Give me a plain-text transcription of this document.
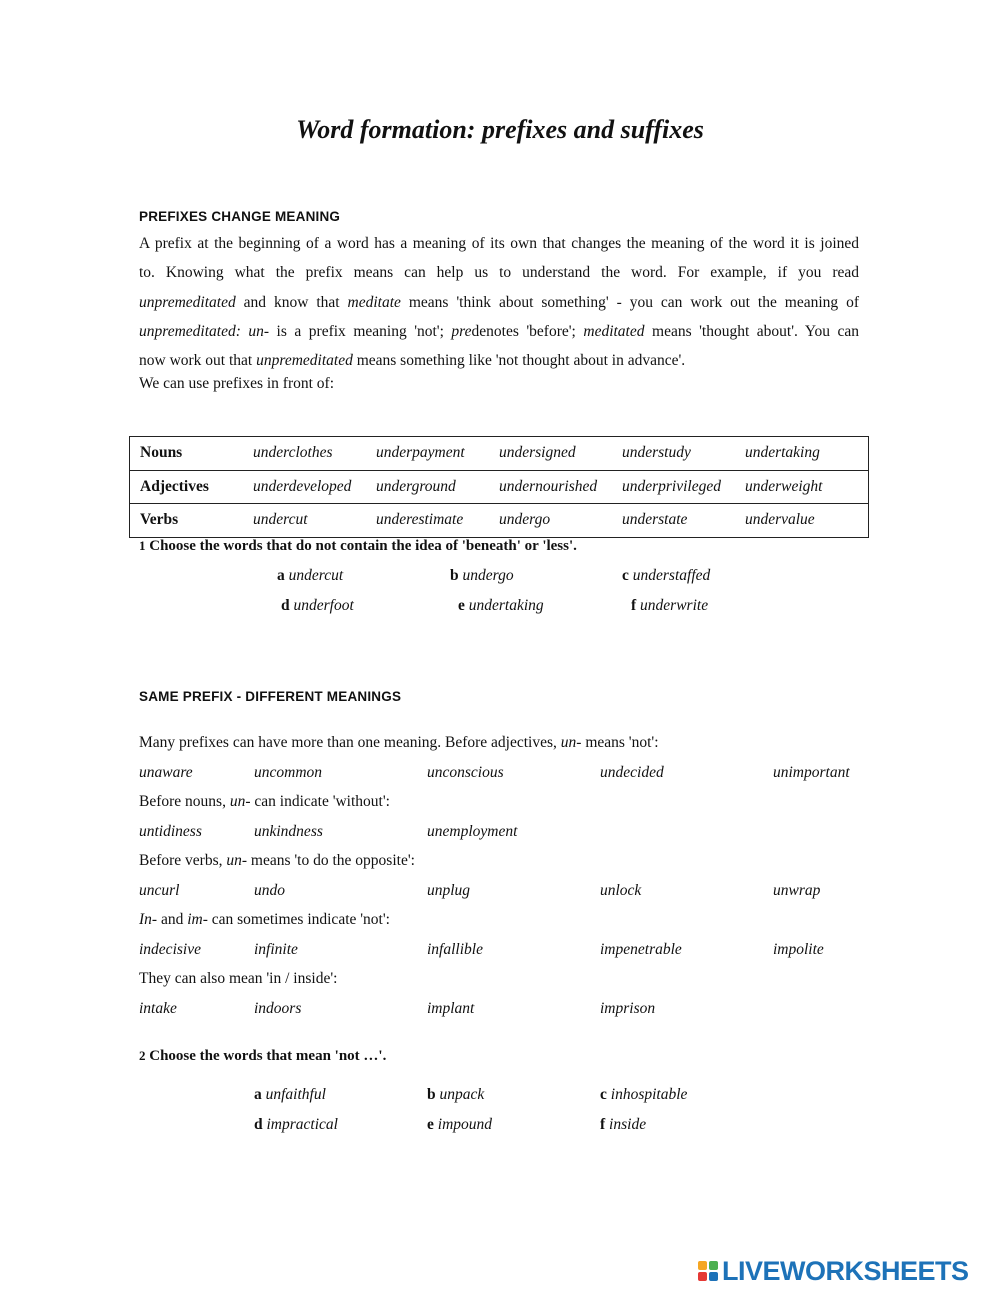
Word formation: prefixes and suffixes
PREFIXES CHANGE MEANING
A prefix at the beginning of a word has a meaning of its own that changes the meaning of the word it is joined
to. Knowing what the prefix means can help us to understand the word. For example, if you read
unpremeditated and know that meditate means 'think about something' - you can work out the meaning of
unpremeditated: un- is a prefix meaning 'not'; predenotes 'before'; meditated means 'thought about'. You can
now work out that unpremeditated means something like 'not thought about in advance'.
We can use prefixes in front of:
Nouns	underclothes	underpayment	undersigned	understudy	undertaking
Adjectives	underdeveloped	underground	undernourished	underprivileged	underweight
Verbs	undercut	underestimate	undergo	understate	undervalue
1 Choose the words that do not contain the idea of 'beneath' or 'less'.
a undercut	b undergo	c understaffed
d underfoot	e undertaking	f underwrite
SAME PREFIX - DIFFERENT MEANINGS
Many prefixes can have more than one meaning. Before adjectives, un- means 'not':
unaware	uncommon	unconscious	undecided	unimportant
Before nouns, un- can indicate 'without':
untidiness	unkindness	unemployment
Before verbs, un- means 'to do the opposite':
uncurl	undo	unplug	unlock	unwrap
In- and im- can sometimes indicate 'not':
indecisive	infinite	infallible	impenetrable	impolite
They can also mean 'in / inside':
intake	indoors	implant	imprison
2 Choose the words that mean 'not …'.
a unfaithful	b unpack	c inhospitable
d impractical	e impound	f inside
LIVEWORKSHEETS
